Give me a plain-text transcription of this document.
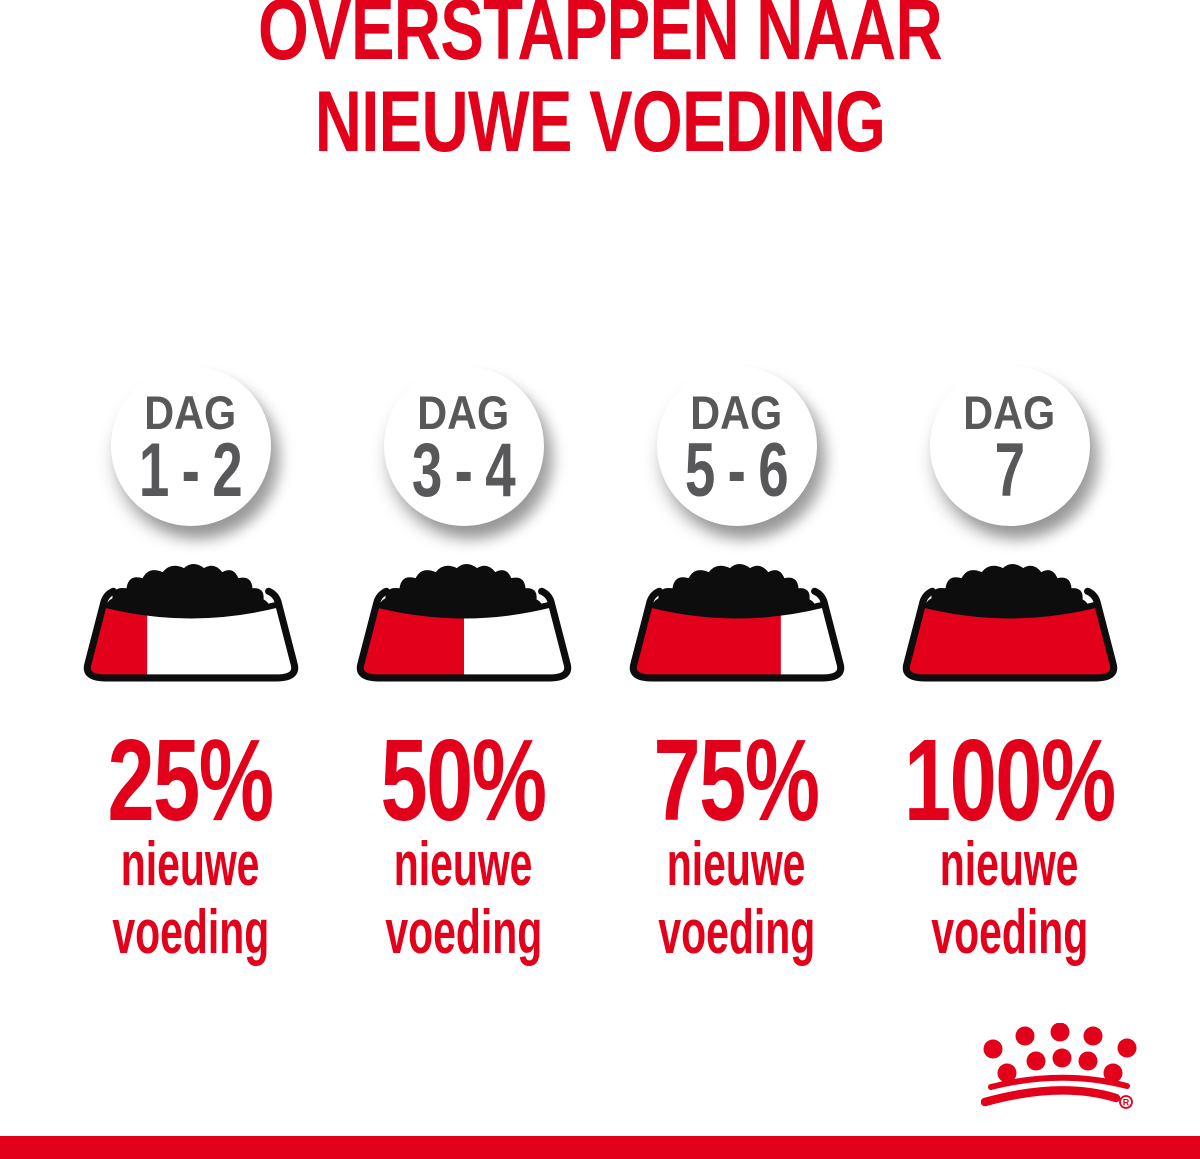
OVERSTAPPEN NAAR
NIEUWE VOEDING
DAG
1 - 2
DAG
3 - 4
DAG
5 - 6
DAG
7
25% 50% 75% 100%
nieuwe nieuwe nieuwe nieuwe
voeding voeding voeding voeding
R
